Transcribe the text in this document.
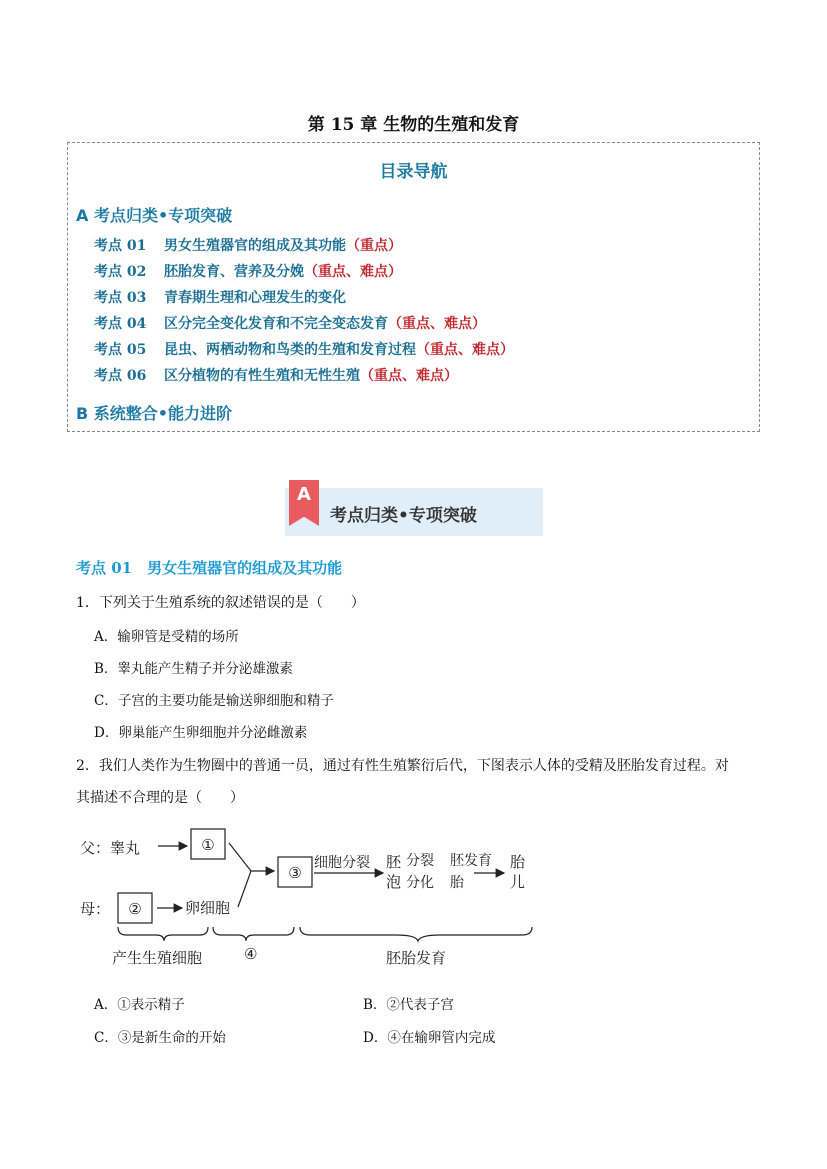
第 15 章 生物的生殖和发育
目录导航
A 考点归类•专项突破
考点 01 男女生殖器官的组成及其功能（重点）
考点 02 胚胎发育、营养及分娩（重点、难点）
考点 03 青春期生理和心理发生的变化
考点 04 区分完全变化发育和不完全变态发育（重点、难点）
考点 05 昆虫、两栖动物和鸟类的生殖和发育过程（重点、难点）
考点 06 区分植物的有性生殖和无性生殖（重点、难点）
B 系统整合•能力进阶
A
考点归类•专项突破
考点 01　男女生殖器官的组成及其功能
1．下列关于生殖系统的叙述错误的是（　　）
A．输卵管是受精的场所
B．睾丸能产生精子并分泌雄激素
C．子宫的主要功能是输送卵细胞和精子
D．卵巢能产生卵细胞并分泌雌激素
2．我们人类作为生物圈中的普通一员，通过有性生殖繁衍后代，下图表示人体的受精及胚胎发育过程。对
其描述不合理的是（　　）
父：睾丸
母：	卵细胞
细胞分裂 胚
泡
分裂
分化
胚发育
胎
胎
儿
产生生殖细胞	④	胚胎发育
①
②
③
A．①表示精子	B．②代表子宫
C．③是新生命的开始	D．④在输卵管内完成
